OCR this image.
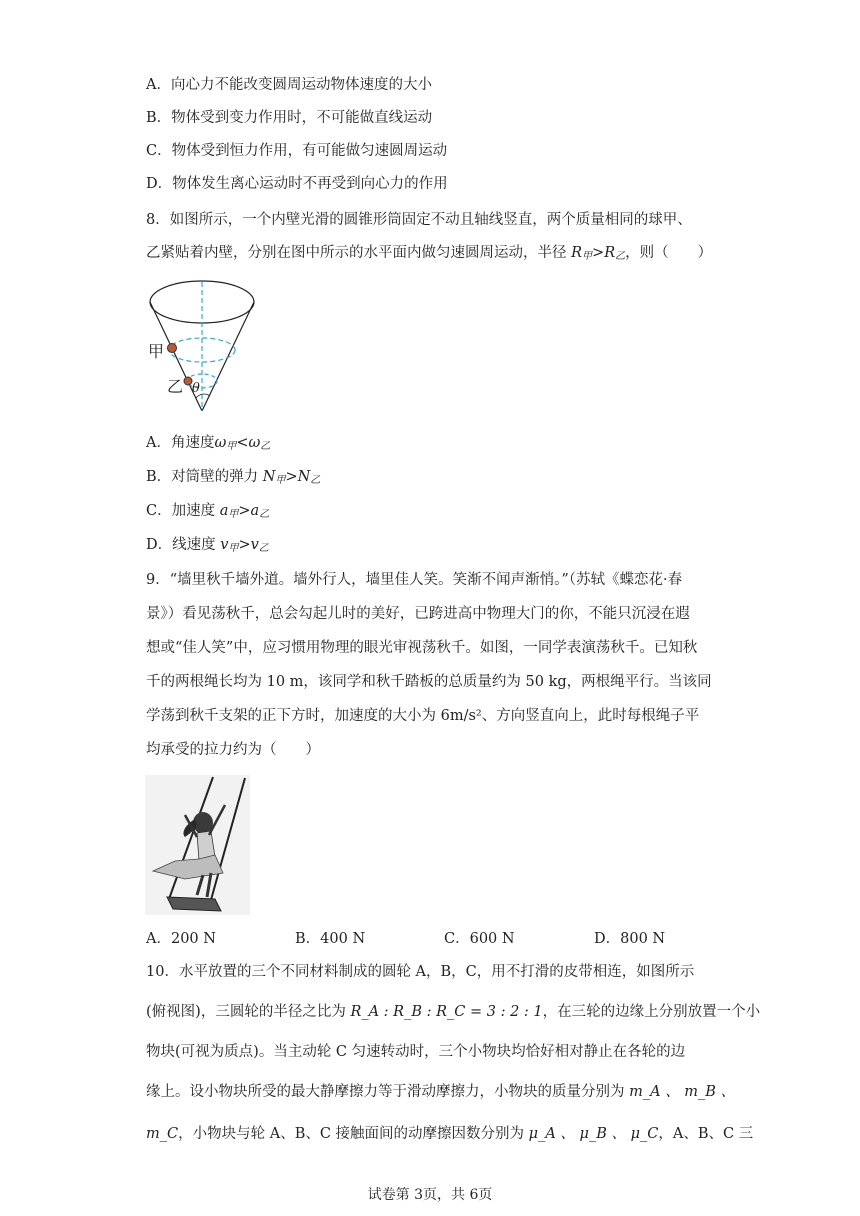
A．向心力不能改变圆周运动物体速度的大小
B．物体受到变力作用时，不可能做直线运动
C．物体受到恒力作用，有可能做匀速圆周运动
D．物体发生离心运动时不再受到向心力的作用
8．如图所示，一个内壁光滑的圆锥形筒固定不动且轴线竖直，两个质量相同的球甲、
乙紧贴着内壁，分别在图中所示的水平面内做匀速圆周运动，半径 $R_甲>R_乙$，则（　　）
甲
乙 θ
A．角速度$\omega_甲<\omega_乙$
B．对筒壁的弹力 $N_甲>N_乙$
C．加速度 $a_甲>a_乙$
D．线速度 $v_甲>v_乙$
9．“墙里秋千墙外道。墙外行人，墙里佳人笑。笑渐不闻声渐悄。”（苏轼《蝶恋花·春
景》）看见荡秋千，总会勾起儿时的美好，已跨进高中物理大门的你，不能只沉浸在遐
想或“佳人笑”中，应习惯用物理的眼光审视荡秋千。如图，一同学表演荡秋千。已知秋
千的两根绳长均为 10 m，该同学和秋千踏板的总质量约为 50 kg，两根绳平行。当该同
学荡到秋千支架的正下方时，加速度的大小为 6m/s²、方向竖直向上，此时每根绳子平
均承受的拉力约为（　　）
A．200 N	B．400 N	C．600 N	D．800 N
10．水平放置的三个不同材料制成的圆轮 A，B，C，用不打滑的皮带相连，如图所示
(俯视图)，三圆轮的半径之比为 R_A : R_B : R_C = 3 : 2 : 1，在三轮的边缘上分别放置一个小
物块(可视为质点)。当主动轮 C 匀速转动时，三个小物块均恰好相对静止在各轮的边
缘上。设小物块所受的最大静摩擦力等于滑动摩擦力，小物块的质量分别为 m_A 、 m_B 、
m_C，小物块与轮 A、B、C 接触面间的动摩擦因数分别为 μ_A 、 μ_B 、 μ_C，A、B、C 三
试卷第 3页，共 6页
